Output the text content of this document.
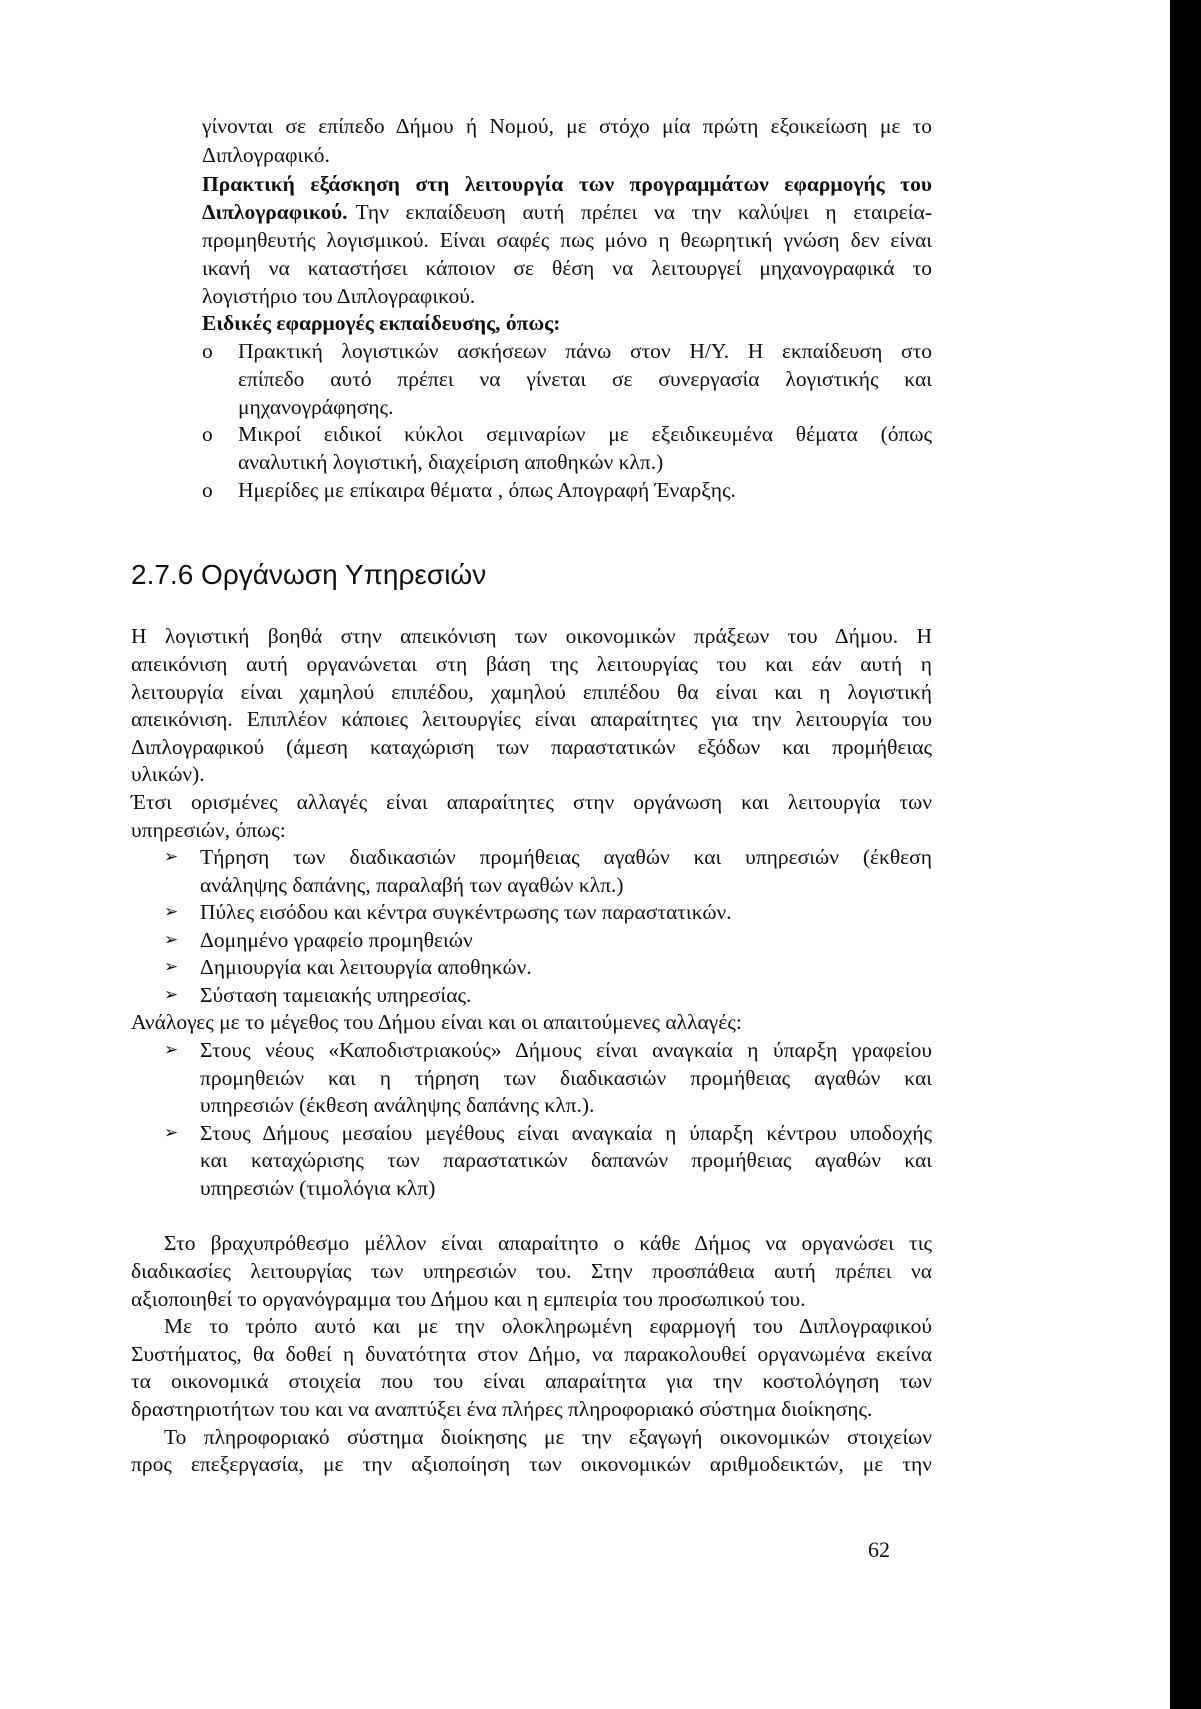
γίνονται σε επίπεδο Δήμου ή Νομού, με στόχο μία πρώτη εξοικείωση με το
Διπλογραφικό.
Πρακτική εξάσκηση στη λειτουργία των προγραμμάτων εφαρμογής του
Διπλογραφικού. Την εκπαίδευση αυτή πρέπει να την καλύψει η εταιρεία-
προμηθευτής λογισμικού. Είναι σαφές πως μόνο η θεωρητική γνώση δεν είναι
ικανή να καταστήσει κάποιον σε θέση να λειτουργεί μηχανογραφικά το
λογιστήριο του Διπλογραφικού.
Ειδικές εφαρμογές εκπαίδευσης, όπως:
o Πρακτική λογιστικών ασκήσεων πάνω στον Η/Υ. Η εκπαίδευση στο
επίπεδο αυτό πρέπει να γίνεται σε συνεργασία λογιστικής και
μηχανογράφησης.
o Μικροί ειδικοί κύκλοι σεμιναρίων με εξειδικευμένα θέματα (όπως
αναλυτική λογιστική, διαχείριση αποθηκών κλπ.)
o Ημερίδες με επίκαιρα θέματα , όπως Απογραφή Έναρξης.
2.7.6 Οργάνωση Υπηρεσιών
Η λογιστική βοηθά στην απεικόνιση των οικονομικών πράξεων του Δήμου. Η
απεικόνιση αυτή οργανώνεται στη βάση της λειτουργίας του και εάν αυτή η
λειτουργία είναι χαμηλού επιπέδου, χαμηλού επιπέδου θα είναι και η λογιστική
απεικόνιση. Επιπλέον κάποιες λειτουργίες είναι απαραίτητες για την λειτουργία του
Διπλογραφικού (άμεση καταχώριση των παραστατικών εξόδων και προμήθειας
υλικών).
Έτσι ορισμένες αλλαγές είναι απαραίτητες στην οργάνωση και λειτουργία των
υπηρεσιών, όπως:
➢ Τήρηση των διαδικασιών προμήθειας αγαθών και υπηρεσιών (έκθεση
ανάληψης δαπάνης, παραλαβή των αγαθών κλπ.)
➢ Πύλες εισόδου και κέντρα συγκέντρωσης των παραστατικών.
➢ Δομημένο γραφείο προμηθειών
➢ Δημιουργία και λειτουργία αποθηκών.
➢ Σύσταση ταμειακής υπηρεσίας.
Ανάλογες με το μέγεθος του Δήμου είναι και οι απαιτούμενες αλλαγές:
➢ Στους νέους «Καποδιστριακούς» Δήμους είναι αναγκαία η ύπαρξη γραφείου
προμηθειών και η τήρηση των διαδικασιών προμήθειας αγαθών και
υπηρεσιών (έκθεση ανάληψης δαπάνης κλπ.).
➢ Στους Δήμους μεσαίου μεγέθους είναι αναγκαία η ύπαρξη κέντρου υποδοχής
και καταχώρισης των παραστατικών δαπανών προμήθειας αγαθών και
υπηρεσιών (τιμολόγια κλπ)
Στο βραχυπρόθεσμο μέλλον είναι απαραίτητο ο κάθε Δήμος να οργανώσει τις
διαδικασίες λειτουργίας των υπηρεσιών του. Στην προσπάθεια αυτή πρέπει να
αξιοποιηθεί το οργανόγραμμα του Δήμου και η εμπειρία του προσωπικού του.
Με το τρόπο αυτό και με την ολοκληρωμένη εφαρμογή του Διπλογραφικού
Συστήματος, θα δοθεί η δυνατότητα στον Δήμο, να παρακολουθεί οργανωμένα εκείνα
τα οικονομικά στοιχεία που του είναι απαραίτητα για την κοστολόγηση των
δραστηριοτήτων του και να αναπτύξει ένα πλήρες πληροφοριακό σύστημα διοίκησης.
Το πληροφοριακό σύστημα διοίκησης με την εξαγωγή οικονομικών στοιχείων
προς επεξεργασία, με την αξιοποίηση των οικονομικών αριθμοδεικτών, με την
62
